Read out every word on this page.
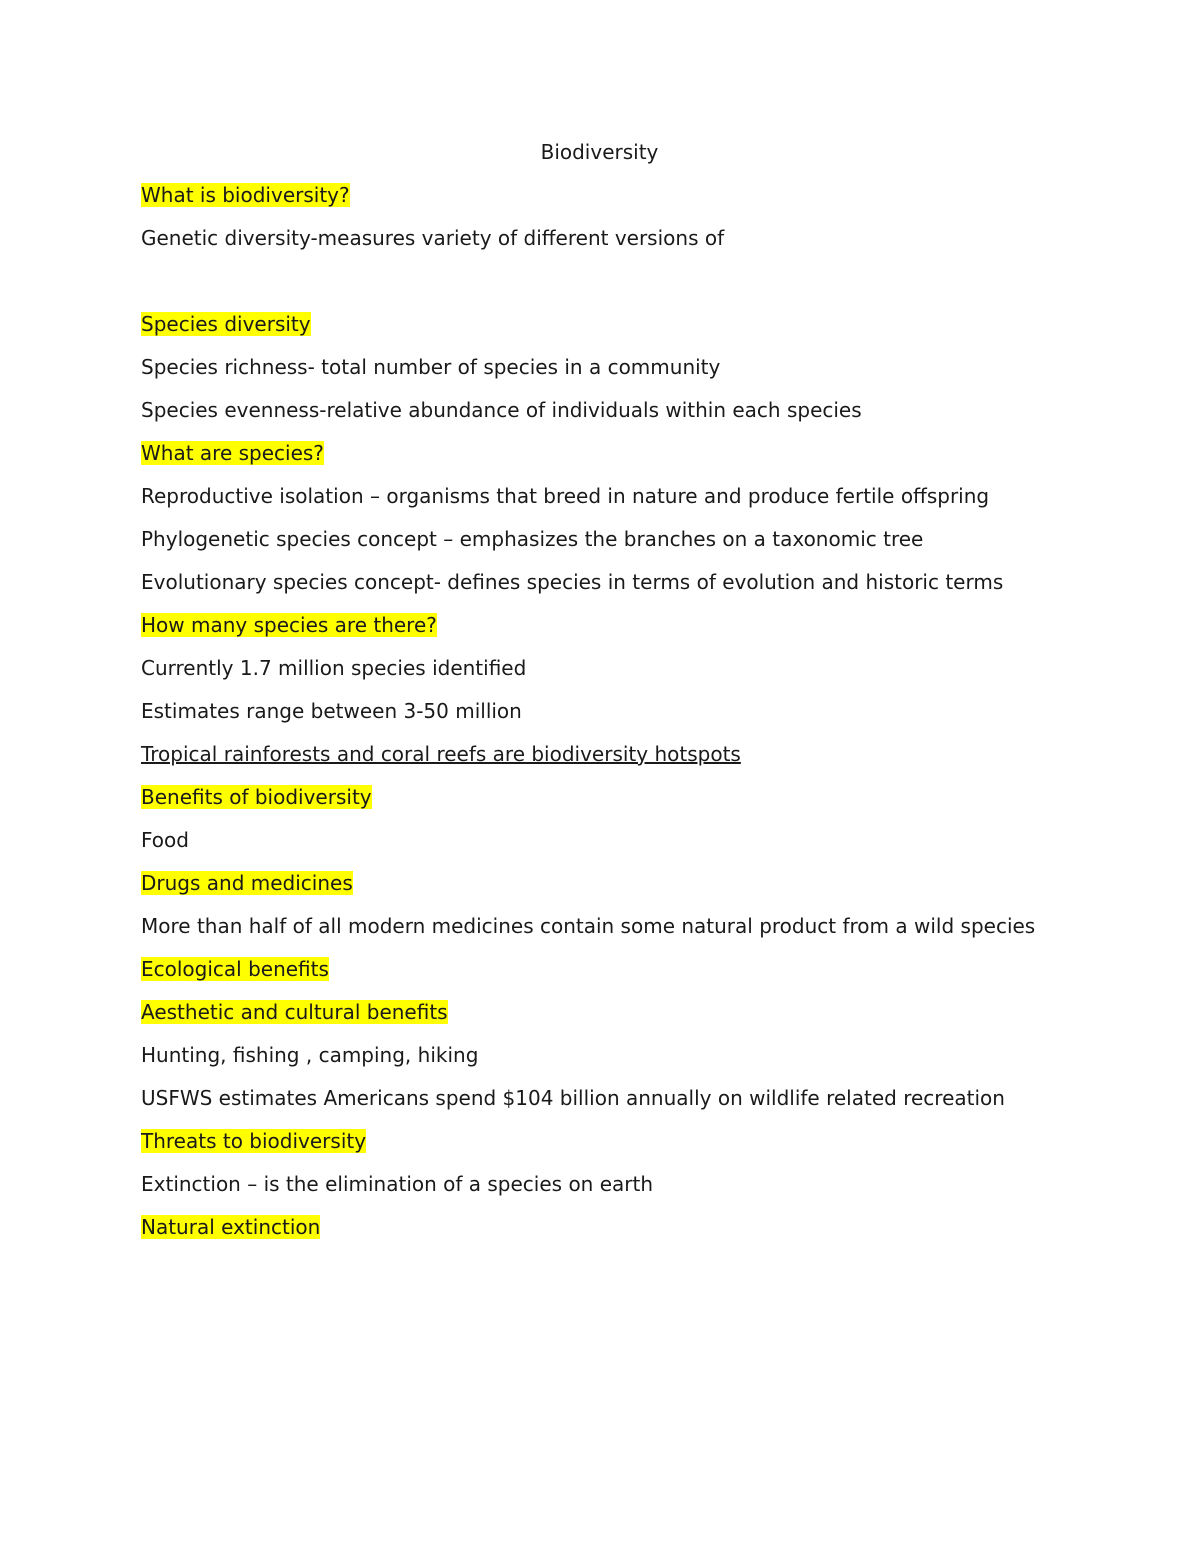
Biodiversity
What is biodiversity?
Genetic diversity-measures variety of different versions of
Species diversity
Species richness- total number of species in a community
Species evenness-relative abundance of individuals within each species
What are species?
Reproductive isolation – organisms that breed in nature and produce fertile offspring
Phylogenetic species concept – emphasizes the branches on a taxonomic tree
Evolutionary species concept- defines species in terms of evolution and historic terms
How many species are there?
Currently 1.7 million species identified
Estimates range between 3-50 million
Tropical rainforests and coral reefs are biodiversity hotspots
Benefits of biodiversity
Food
Drugs and medicines
More than half of all modern medicines contain some natural product from a wild species
Ecological benefits
Aesthetic and cultural benefits
Hunting, fishing , camping, hiking
USFWS estimates Americans spend $104 billion annually on wildlife related recreation
Threats to biodiversity
Extinction – is the elimination of a species on earth
Natural extinction
